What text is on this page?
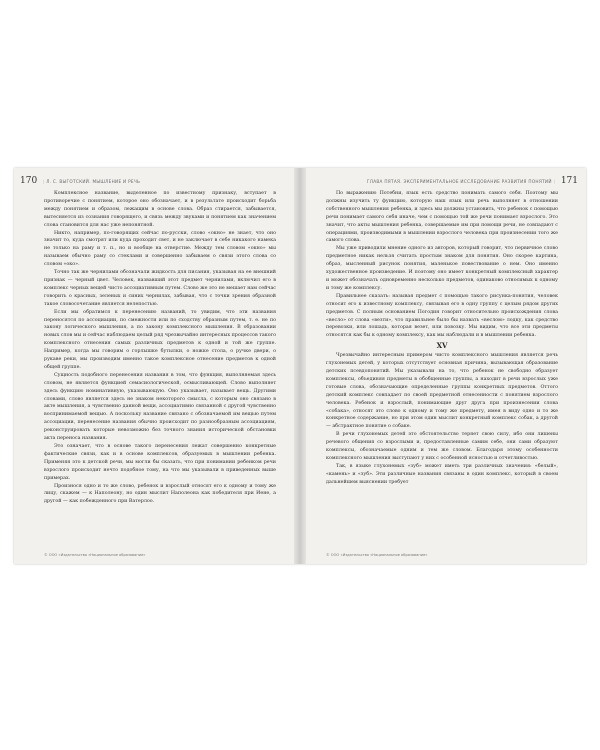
170 | Л. С. ВЫГОТСКИЙ. МЫШЛЕНИЕ И РЕЧЬ

Комплексное название, выделенное по известному признаку, вступает в противоречие с понятием, которое оно обозначает, и в результате происходит борьба между понятием и образом, лежащим в основе слова. Образ стирается, забывается, вытесняется из сознания говорящего, и связь между звуками и понятием как значением слова становится для нас уже непонятной.

Никто, например, по-говорящих сейчас по-русски, слово «окно» не знает, что оно значит то, куда смотрят или куда проходит свет, и не заключает в себе никакого намека не только на раму и т. п., но и вообще на отверстие. Между тем словом «окно» мы называем обычно раму со стеклами и совершенно забываем о связи этого слова со словом «око».

Точно так же чернилами обозначали жидкость для писания, указывая на ее внешний признак — черный цвет. Человек, назвавший этот предмет чернилами, включил его в комплекс черных вещей чисто ассоциативным путем. Слово же это не мешает нам сейчас говорить о красных, зеленых и синих чернилах, забывая, что с точки зрения образной такое словосочетание является нелепостью.

Если мы обратимся к перенесению названий, то увидим, что эти названия переносятся по ассоциации, по смежности или по сходству образным путем, т. е. не по закону логического мышления, а по закону комплексного мышления. В образовании новых слов мы и сейчас наблюдаем целый ряд чрезвычайно интересных процессов такого комплексного отнесения самых различных предметов к одной и той же группе. Например, когда мы говорим о горлышке бутылки, о ножке стола, о ручке двери, о рукаве реки, мы производим именно такое комплексное отнесение предметов к одной общей группе.

Сущность подобного перенесения названия в том, что функция, выполняемая здесь словом, не является функцией семасиологической, осмысливающей. Слово выполняет здесь функцию номинативную, указывающую. Оно указывает, называет вещь. Другими словами, слово является здесь не знаком некоторого смысла, с которым оно связано в акте мышления, а чувственно данной вещи, ассоциативно связанной с другой чувственно воспринимаемой вещью. А поскольку название связано с обозначаемой им вещью путем ассоциации, перенесение названия обычно происходит по разнообразным ассоциациям, реконструировать которые невозможно без точного знания исторической обстановки акта переноса названия.

Это означает, что в основе такого перенесения лежат совершенно конкретные фактические связи, как и в основе комплексов, образуемых в мышлении ребенка. Применяя это к детской речи, мы могли бы сказать, что при понимании ребенком речи взрослого происходит нечто подобное тому, на что мы указывали в приведенных выше примерах.

Произнося одно и то же слово, ребенок и взрослый относят его к одному и тому же лицу, скажем — к Наполеону, но один мыслит Наполеона как победителя при Иене, а другой — как побежденного при Ватерлоо.

© ООО «Издательство «Национальное образование»
ГЛАВА ПЯТАЯ. ЭКСПЕРИМЕНТАЛЬНОЕ ИССЛЕДОВАНИЕ РАЗВИТИЯ ПОНЯТИЙ | 171

По выражению Потебни, язык есть средство понимать самого себя. Поэтому мы должны изучить ту функцию, которую наш язык или речь выполняет в отношении собственного мышления ребенка, и здесь мы должны установить, что ребенок с помощью речи понимает самого себя иначе, чем с помощью той же речи понимает взрослого. Это значит, что акты мышления ребенка, совершаемые им при помощи речи, не совпадают с операциями, производимыми в мышлении взрослого человека при произнесении того же самого слова.

Мы уже приводили мнение одного из авторов, который говорит, что первичное слово предметное никак нельзя считать простым знаком для понятия. Оно скорее картина, образ, мысленный рисунок понятия, маленькое повествование о нем. Оно именно художественное произведение. И поэтому оно имеет конкретный комплексный характер и может обозначать одновременно несколько предметов, одинаково относимых к одному и тому же комплексу.

Правильнее сказать: называя предмет с помощью такого рисунка-понятия, человек относит его к известному комплексу, связывая его в одну группу с целым рядом других предметов. С полным основанием Погодин говорит относительно происхождения слова «весло» от слова «везти», что правильнее было бы назвать «веслом» лодку, как средство перевозки, или лошадь, которая везет, или повозку. Мы видим, что все эти предметы относятся как бы к одному комплексу, как мы наблюдали и в мышлении ребенка.

XV

Чрезвычайно интересным примером чисто комплексного мышления является речь глухонемых детей, у которых отсутствует основная причина, вызывающая образование детских псевдопонятий. Мы указывали на то, что ребенок не свободно образует комплексы, объединяя предметы в обобщенные группы, а находит в речи взрослых уже готовые слова, обозначающие определенные группы конкретных предметов. Оттого детский комплекс совпадает по своей предметной отнесенности с понятием взрослого человека. Ребенок и взрослый, понимающие друг друга при произнесении слова «собака», относят это слово к одному и тому же предмету, имея в виду одно и то же конкретное содержание, но при этом один мыслит конкретный комплекс собак, а другой — абстрактное понятие о собаке.

В речи глухонемых детей это обстоятельство теряет свою силу, ибо они лишены речевого общения со взрослыми и, предоставленные самим себе, они сами образуют комплексы, обозначаемые одним и тем же словом. Благодаря этому особенности комплексного мышления выступают у них с особенной ясностью и отчетливостью.

Так, в языке глухонемых «зуб» может иметь три различных значения: «белый», «камень» и «зуб». Эти различные названия связаны в один комплекс, который в своем дальнейшем выяснении требует

© ООО «Издательство «Национальное образование»
